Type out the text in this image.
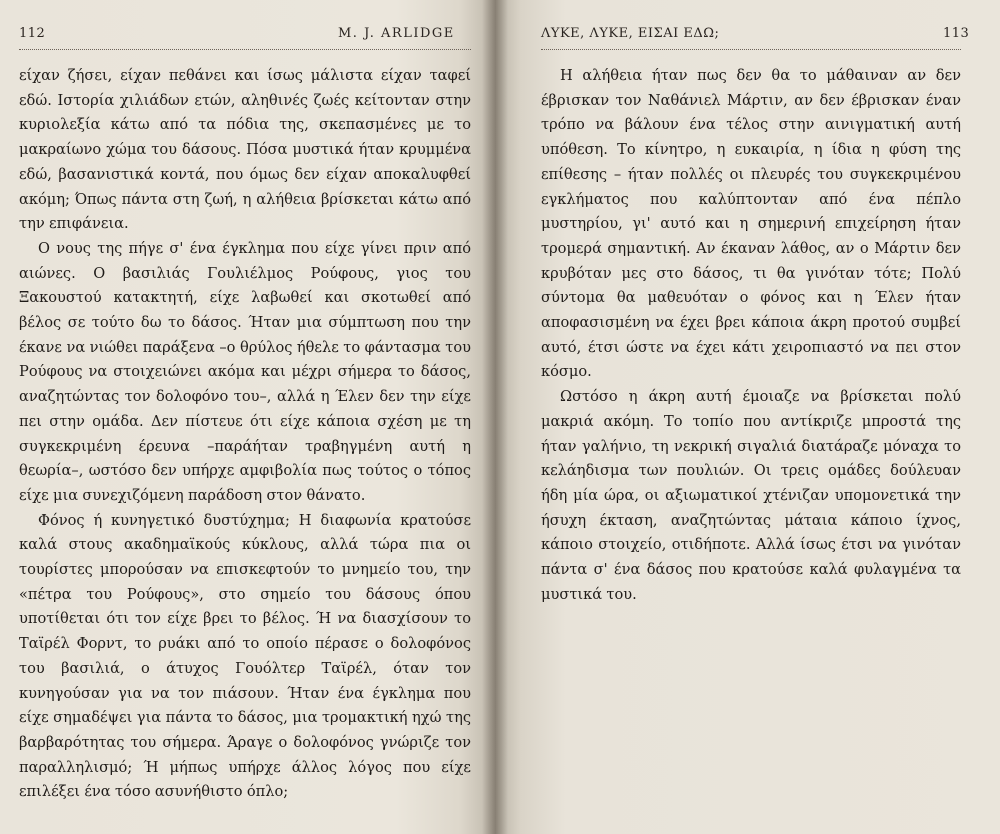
112	M. J. ARLIDGE

είχαν ζήσει, είχαν πεθάνει και ίσως μάλιστα είχαν ταφεί εδώ. Ιστορία χιλιάδων ετών, αληθινές ζωές κείτονταν στην κυριολεξία κάτω από τα πόδια της, σκεπασμένες με το μακραίωνο χώμα του δάσους. Πόσα μυστικά ήταν κρυμμένα εδώ, βασανιστικά κοντά, που όμως δεν είχαν αποκαλυφθεί ακόμη; Όπως πάντα στη ζωή, η αλήθεια βρίσκεται κάτω από την επιφάνεια.

Ο νους της πήγε σ' ένα έγκλημα που είχε γίνει πριν από αιώνες. Ο βασιλιάς Γουλιέλμος Ρούφους, γιος του Ξακουστού κατακτητή, είχε λαβωθεί και σκοτωθεί από βέλος σε τούτο δω το δάσος. Ήταν μια σύμπτωση που την έκανε να νιώθει παράξενα –ο θρύλος ήθελε το φάντασμα του Ρούφους να στοιχειώνει ακόμα και μέχρι σήμερα το δάσος, αναζητώντας τον δολοφόνο του–, αλλά η Έλεν δεν την είχε πει στην ομάδα. Δεν πίστευε ότι είχε κάποια σχέση με τη συγκεκριμένη έρευνα –παράήταν τραβηγμένη αυτή η θεωρία–, ωστόσο δεν υπήρχε αμφιβολία πως τούτος ο τόπος είχε μια συνεχιζόμενη παράδοση στον θάνατο.

Φόνος ή κυνηγετικό δυστύχημα; Η διαφωνία κρατούσε καλά στους ακαδημαϊκούς κύκλους, αλλά τώρα πια οι τουρίστες μπορούσαν να επισκεφτούν το μνημείο του, την «πέτρα του Ρούφους», στο σημείο του δάσους όπου υποτίθεται ότι τον είχε βρει το βέλος. Ή να διασχίσουν το Ταϊρέλ Φορντ, το ρυάκι από το οποίο πέρασε ο δολοφόνος του βασιλιά, ο άτυχος Γουόλτερ Ταϊρέλ, όταν τον κυνηγούσαν για να τον πιάσουν. Ήταν ένα έγκλημα που είχε σημαδέψει για πάντα το δάσος, μια τρομακτική ηχώ της βαρβαρότητας του σήμερα. Άραγε ο δολοφόνος γνώριζε τον παραλληλισμό; Ή μήπως υπήρχε άλλος λόγος που είχε επιλέξει ένα τόσο ασυνήθιστο όπλο;

ΛΥΚΕ, ΛΥΚΕ, ΕΙΣΑΙ ΕΔΩ;	113

Η αλήθεια ήταν πως δεν θα το μάθαιναν αν δεν έβρισκαν τον Ναθάνιελ Μάρτιν, αν δεν έβρισκαν έναν τρόπο να βάλουν ένα τέλος στην αινιγματική αυτή υπόθεση. Το κίνητρο, η ευκαιρία, η ίδια η φύση της επίθεσης – ήταν πολλές οι πλευρές του συγκεκριμένου εγκλήματος που καλύπτονταν από ένα πέπλο μυστηρίου, γι' αυτό και η σημερινή επιχείρηση ήταν τρομερά σημαντική. Αν έκαναν λάθος, αν ο Μάρτιν δεν κρυβόταν μες στο δάσος, τι θα γινόταν τότε; Πολύ σύντομα θα μαθευόταν ο φόνος και η Έλεν ήταν αποφασισμένη να έχει βρει κάποια άκρη προτού συμβεί αυτό, έτσι ώστε να έχει κάτι χειροπιαστό να πει στον κόσμο.

Ωστόσο η άκρη αυτή έμοιαζε να βρίσκεται πολύ μακριά ακόμη. Το τοπίο που αντίκριζε μπροστά της ήταν γαλήνιο, τη νεκρική σιγαλιά διατάραζε μόναχα το κελάηδισμα των πουλιών. Οι τρεις ομάδες δούλευαν ήδη μία ώρα, οι αξιωματικοί χτένιζαν υπομονετικά την ήσυχη έκταση, αναζητώντας μάταια κάποιο ίχνος, κάποιο στοιχείο, οτιδήποτε. Αλλά ίσως έτσι να γινόταν πάντα σ' ένα δάσος που κρατούσε καλά φυλαγμένα τα μυστικά του.
